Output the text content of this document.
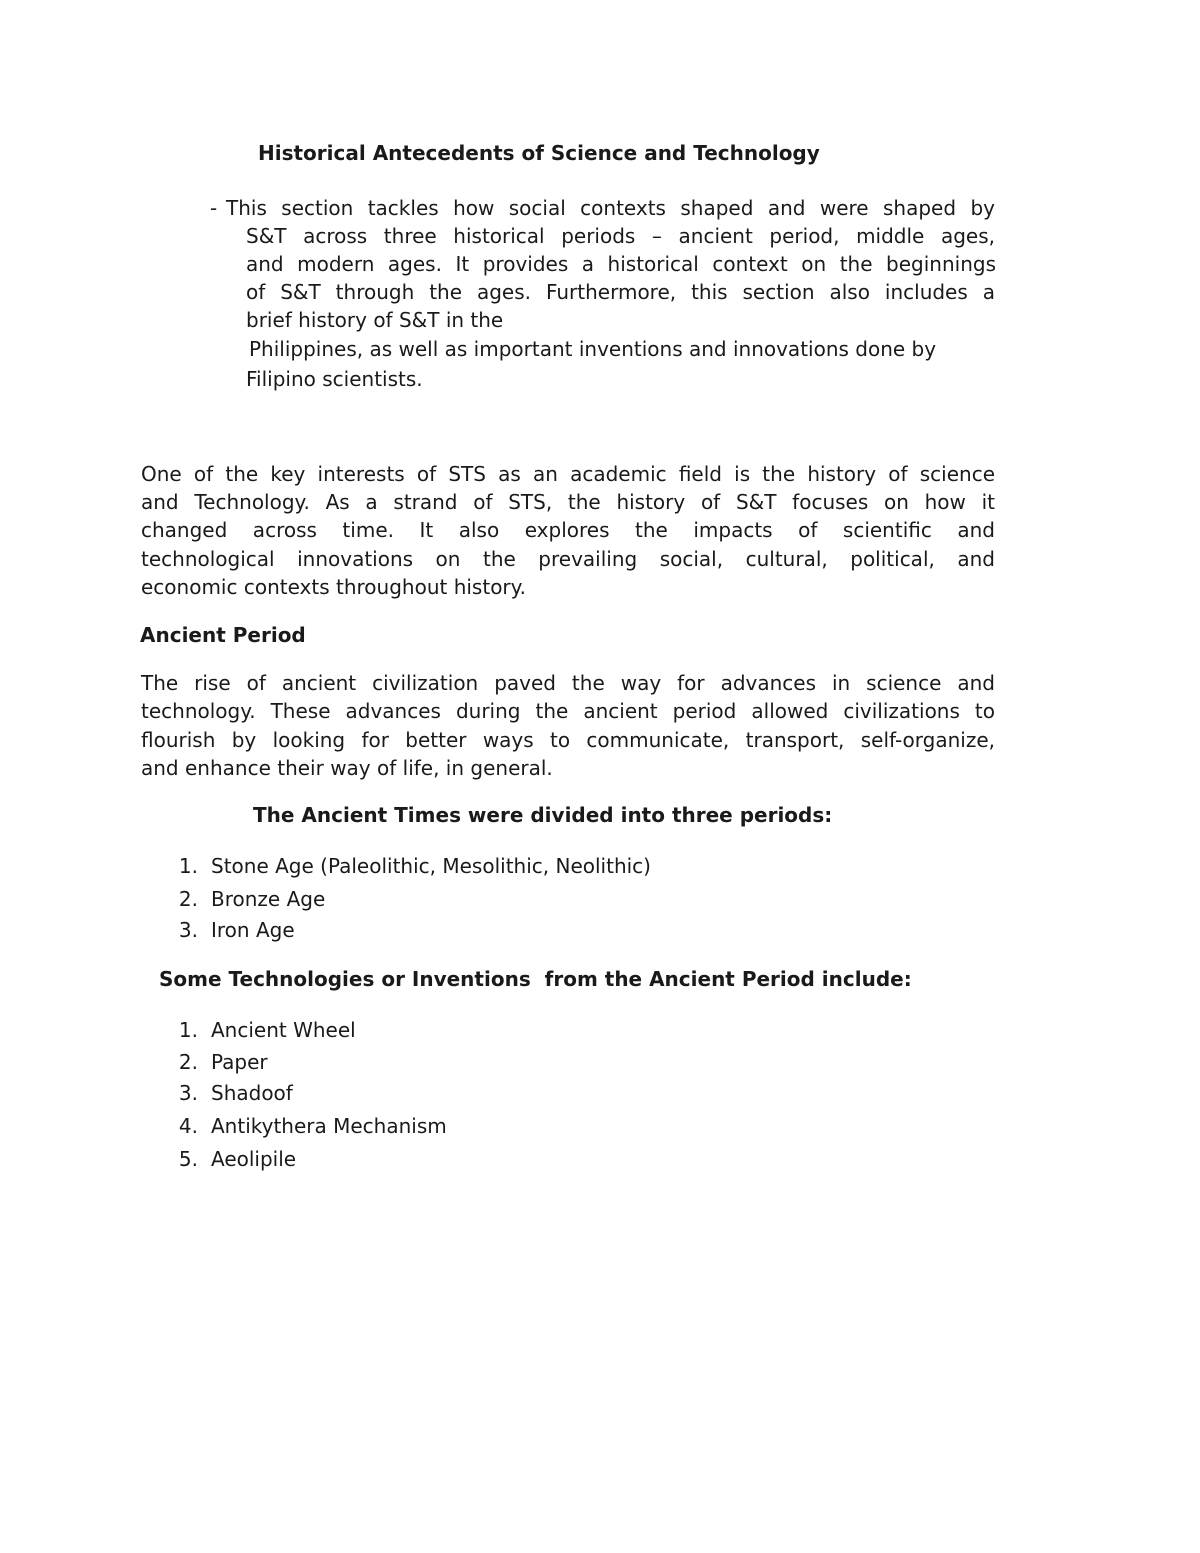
Historical Antecedents of Science and Technology
- This section tackles how social contexts shaped and were shaped by
S&T across three historical periods – ancient period, middle ages,
and modern ages. It provides a historical context on the beginnings
of S&T through the ages. Furthermore, this section also includes a
brief history of S&T in the
Philippines, as well as important inventions and innovations done by
Filipino scientists.
One of the key interests of STS as an academic field is the history of science
and Technology. As a strand of STS, the history of S&T focuses on how it
changed across time. It also explores the impacts of scientific and
technological innovations on the prevailing social, cultural, political, and
economic contexts throughout history.
Ancient Period
The rise of ancient civilization paved the way for advances in science and
technology. These advances during the ancient period allowed civilizations to
flourish by looking for better ways to communicate, transport, self-organize,
and enhance their way of life, in general.
The Ancient Times were divided into three periods:
1. Stone Age (Paleolithic, Mesolithic, Neolithic)
2. Bronze Age
3. Iron Age
Some Technologies or Inventions  from the Ancient Period include:
1. Ancient Wheel
2. Paper
3. Shadoof
4. Antikythera Mechanism
5. Aeolipile
